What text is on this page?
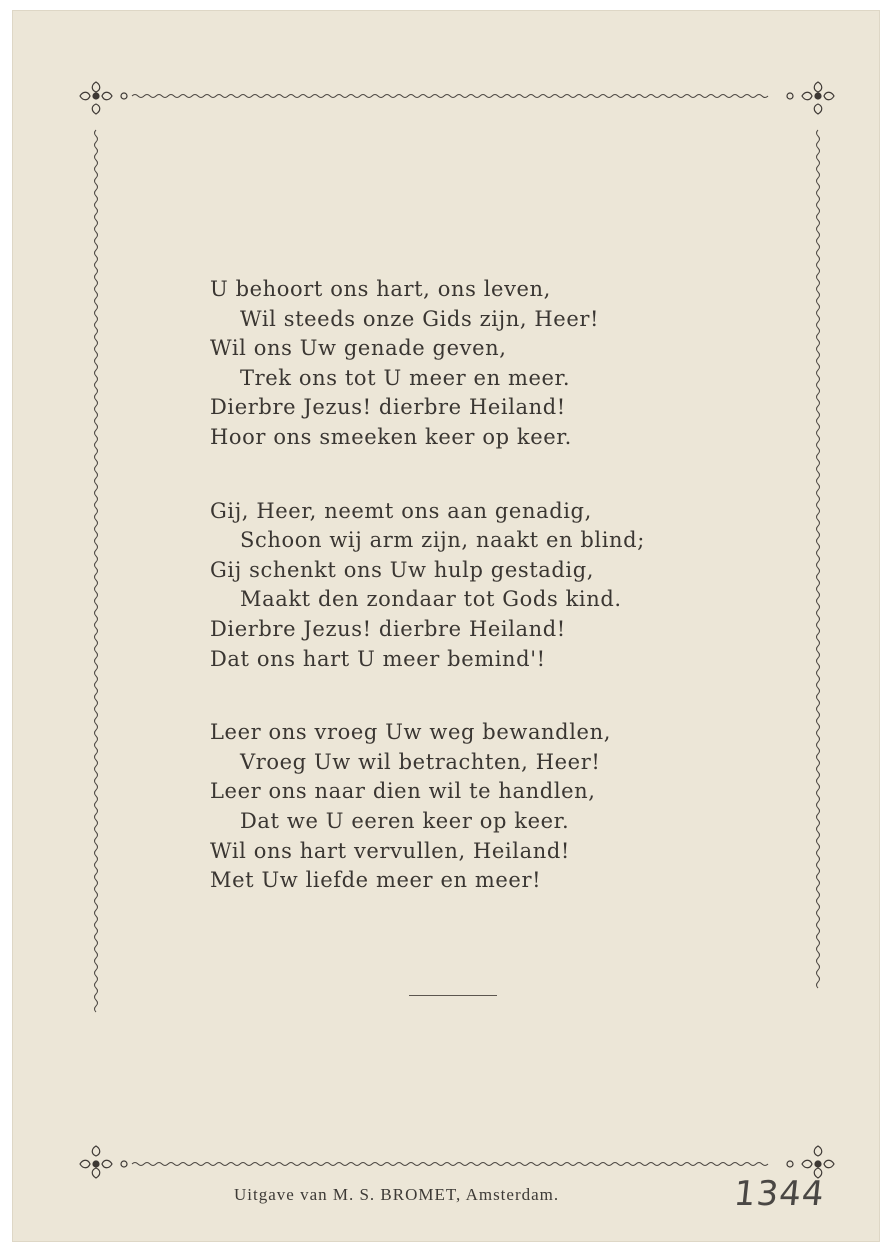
U behoort ons hart, ons leven,
Wil steeds onze Gids zijn, Heer!
Wil ons Uw genade geven,
Trek ons tot U meer en meer.
Dierbre Jezus! dierbre Heiland!
Hoor ons smeeken keer op keer.
Gij, Heer, neemt ons aan genadig,
Schoon wij arm zijn, naakt en blind;
Gij schenkt ons Uw hulp gestadig,
Maakt den zondaar tot Gods kind.
Dierbre Jezus! dierbre Heiland!
Dat ons hart U meer bemind'!
Leer ons vroeg Uw weg bewandlen,
Vroeg Uw wil betrachten, Heer!
Leer ons naar dien wil te handlen,
Dat we U eeren keer op keer.
Wil ons hart vervullen, Heiland!
Met Uw liefde meer en meer!
Uitgave van M. S. BROMET, Amsterdam.	1344
